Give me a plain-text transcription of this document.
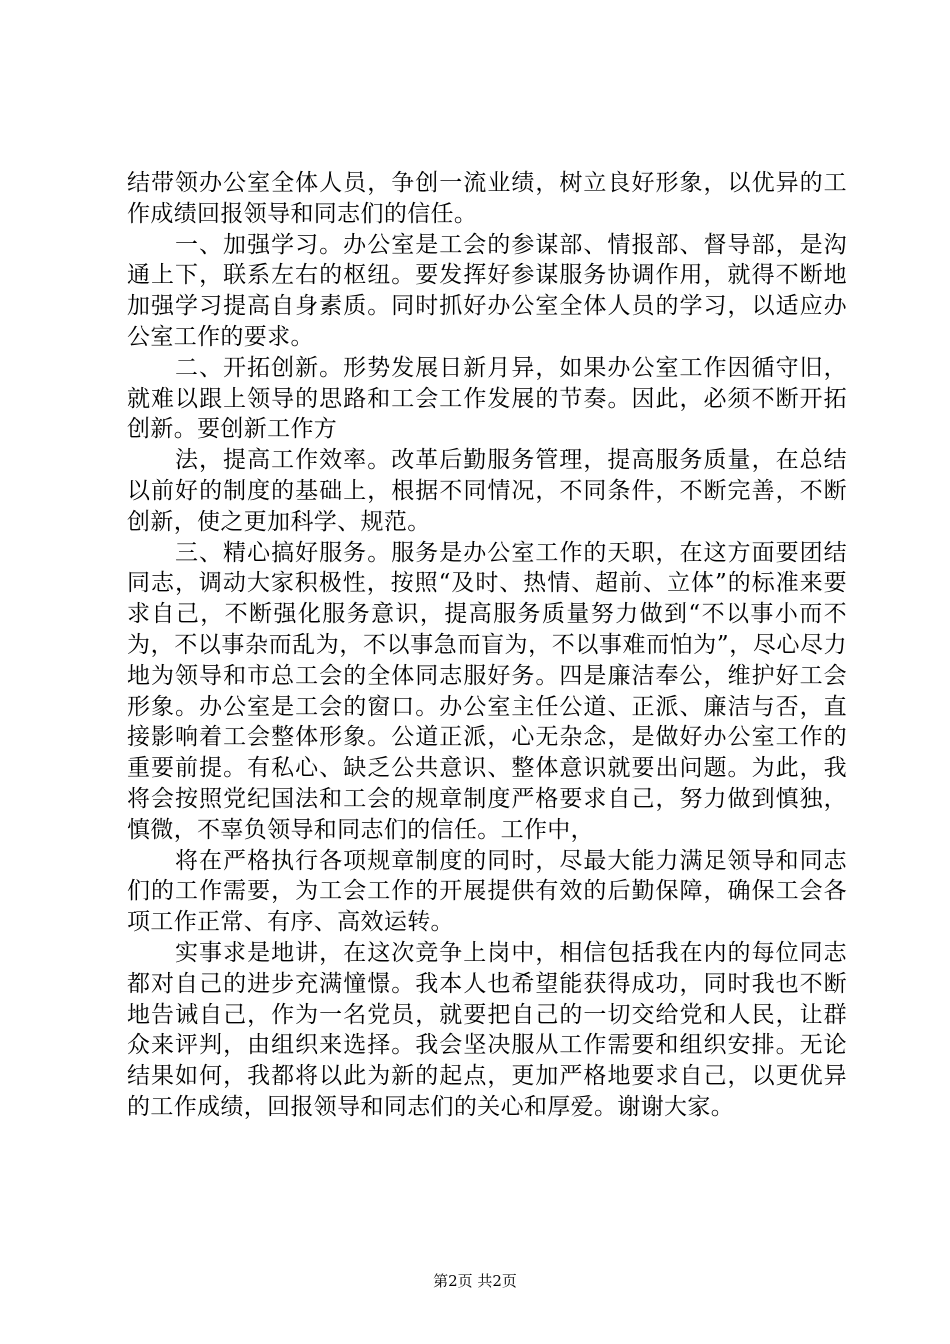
结带领办公室全体人员，争创一流业绩，树立良好形象，以优异的工作成绩回报领导和同志们的信任。

一、加强学习。办公室是工会的参谋部、情报部、督导部，是沟通上下，联系左右的枢纽。要发挥好参谋服务协调作用，就得不断地加强学习提高自身素质。同时抓好办公室全体人员的学习，以适应办公室工作的要求。

二、开拓创新。形势发展日新月异，如果办公室工作因循守旧，就难以跟上领导的思路和工会工作发展的节奏。因此，必须不断开拓创新。要创新工作方

法，提高工作效率。改革后勤服务管理，提高服务质量，在总结以前好的制度的基础上，根据不同情况，不同条件，不断完善，不断创新，使之更加科学、规范。

三、精心搞好服务。服务是办公室工作的天职，在这方面要团结同志，调动大家积极性，按照“及时、热情、超前、立体”的标准来要求自己，不断强化服务意识，提高服务质量努力做到“不以事小而不为，不以事杂而乱为，不以事急而盲为，不以事难而怕为”，尽心尽力地为领导和市总工会的全体同志服好务。四是廉洁奉公，维护好工会形象。办公室是工会的窗口。办公室主任公道、正派、廉洁与否，直接影响着工会整体形象。公道正派，心无杂念，是做好办公室工作的重要前提。有私心、缺乏公共意识、整体意识就要出问题。为此，我将会按照党纪国法和工会的规章制度严格要求自己，努力做到慎独，慎微，不辜负领导和同志们的信任。工作中，

将在严格执行各项规章制度的同时，尽最大能力满足领导和同志们的工作需要，为工会工作的开展提供有效的后勤保障，确保工会各项工作正常、有序、高效运转。

实事求是地讲，在这次竞争上岗中，相信包括我在内的每位同志都对自己的进步充满憧憬。我本人也希望能获得成功，同时我也不断地告诫自己，作为一名党员，就要把自己的一切交给党和人民，让群众来评判，由组织来选择。我会坚决服从工作需要和组织安排。无论结果如何，我都将以此为新的起点，更加严格地要求自己，以更优异的工作成绩，回报领导和同志们的关心和厚爱。谢谢大家。

第2页 共2页
